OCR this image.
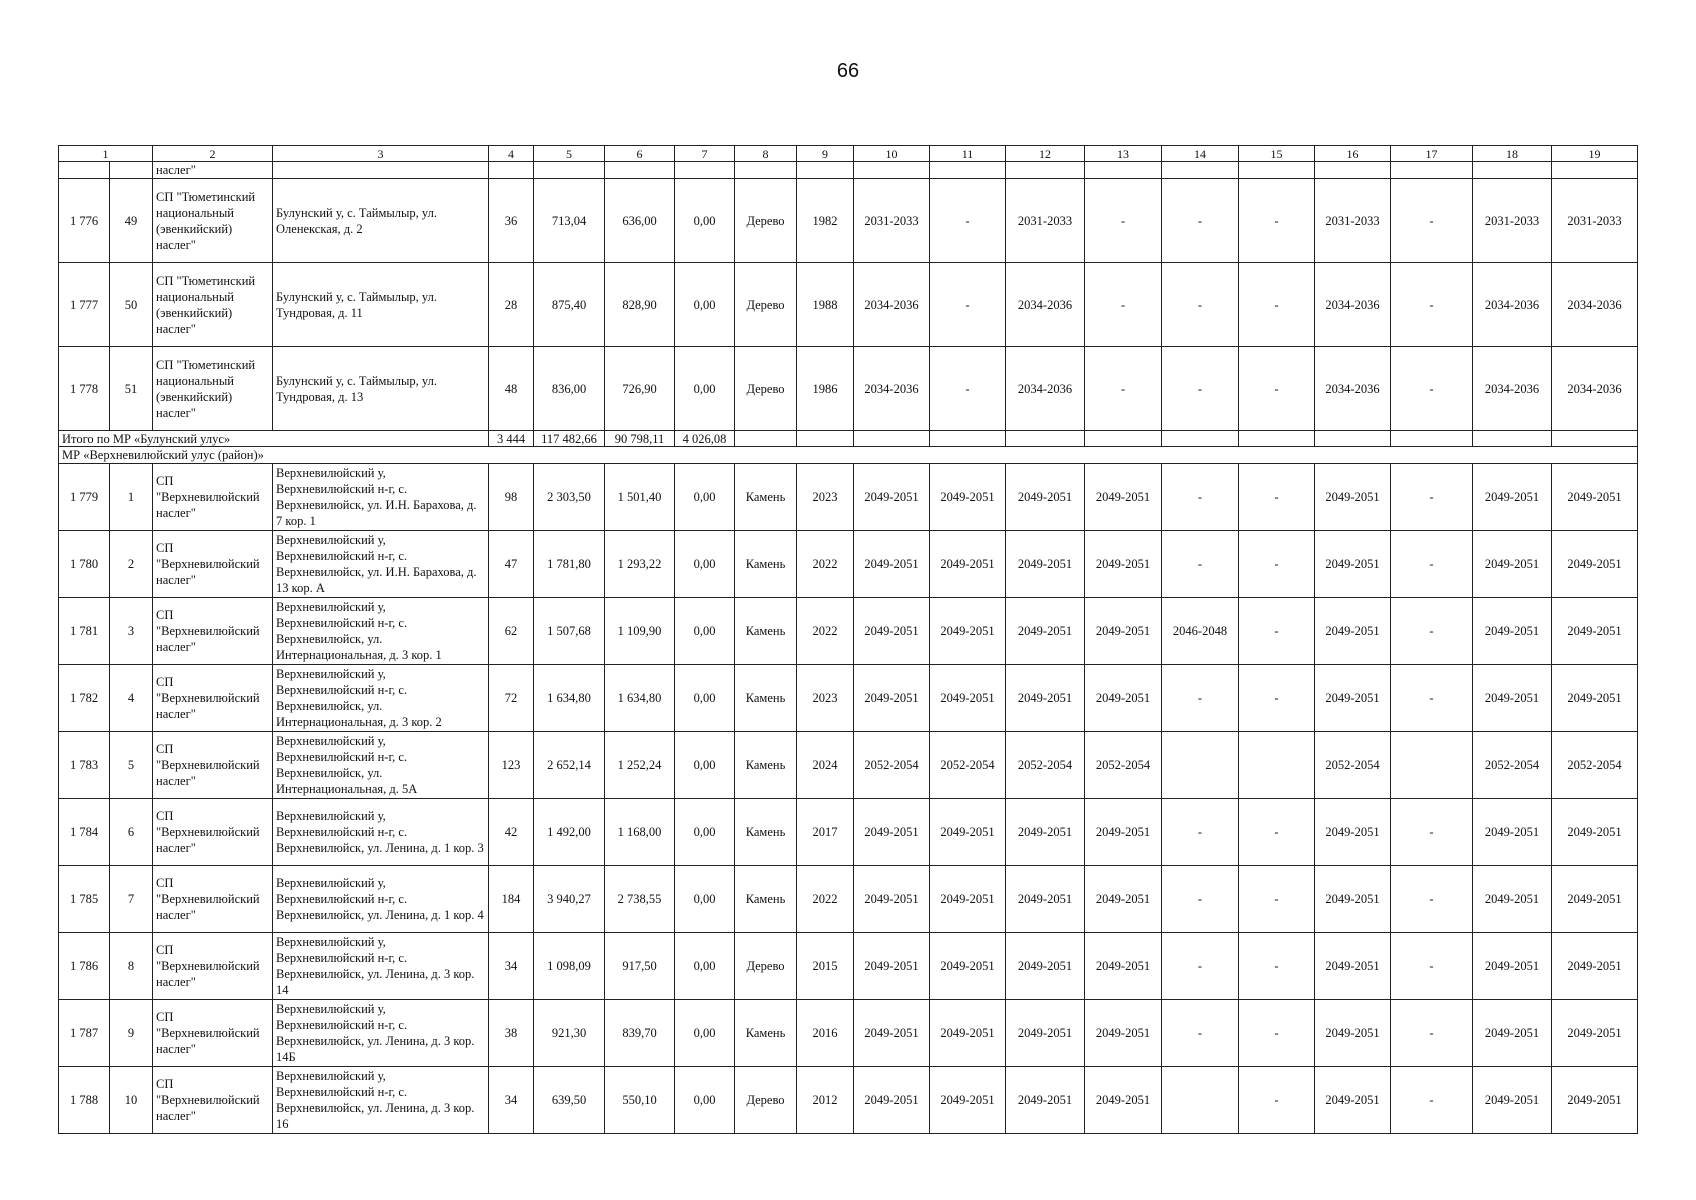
66
1		2	3	4	5	6	7	8	9	10	11	12	13	14	15	16	17	18	19
		наслег"																	
1 776	49	СП "Тюметинский национальный (эвенкийский) наслег"	Булунский у, с. Таймылыр, ул. Оленекская, д. 2	36	713,04	636,00	0,00	Дерево	1982	2031-2033	-	2031-2033	-	-	-	2031-2033	-	2031-2033	2031-2033
1 777	50	СП "Тюметинский национальный (эвенкийский) наслег"	Булунский у, с. Таймылыр, ул. Тундровая, д. 11	28	875,40	828,90	0,00	Дерево	1988	2034-2036	-	2034-2036	-	-	-	2034-2036	-	2034-2036	2034-2036
1 778	51	СП "Тюметинский национальный (эвенкийский) наслег"	Булунский у, с. Таймылыр, ул. Тундровая, д. 13	48	836,00	726,90	0,00	Дерево	1986	2034-2036	-	2034-2036	-	-	-	2034-2036	-	2034-2036	2034-2036
Итого по МР «Булунский улус»				3 444	117 482,66	90 798,11	4 026,08												
МР «Верхневилюйский улус (район)»																			
1 779	1	СП "Верхневилюйский наслег"	Верхневилюйский у, Верхневилюйский н-г, с. Верхневилюйск, ул. И.Н. Барахова, д. 7 кор. 1	98	2 303,50	1 501,40	0,00	Камень	2023	2049-2051	2049-2051	2049-2051	2049-2051	-	-	2049-2051	-	2049-2051	2049-2051
1 780	2	СП "Верхневилюйский наслег"	Верхневилюйский у, Верхневилюйский н-г, с. Верхневилюйск, ул. И.Н. Барахова, д. 13 кор. А	47	1 781,80	1 293,22	0,00	Камень	2022	2049-2051	2049-2051	2049-2051	2049-2051	-	-	2049-2051	-	2049-2051	2049-2051
1 781	3	СП "Верхневилюйский наслег"	Верхневилюйский у, Верхневилюйский н-г, с. Верхневилюйск, ул. Интернациональная, д. 3 кор. 1	62	1 507,68	1 109,90	0,00	Камень	2022	2049-2051	2049-2051	2049-2051	2049-2051	2046-2048	-	2049-2051	-	2049-2051	2049-2051
1 782	4	СП "Верхневилюйский наслег"	Верхневилюйский у, Верхневилюйский н-г, с. Верхневилюйск, ул. Интернациональная, д. 3 кор. 2	72	1 634,80	1 634,80	0,00	Камень	2023	2049-2051	2049-2051	2049-2051	2049-2051	-	-	2049-2051	-	2049-2051	2049-2051
1 783	5	СП "Верхневилюйский наслег"	Верхневилюйский у, Верхневилюйский н-г, с. Верхневилюйск, ул. Интернациональная, д. 5А	123	2 652,14	1 252,24	0,00	Камень	2024	2052-2054	2052-2054	2052-2054	2052-2054			2052-2054		2052-2054	2052-2054
1 784	6	СП "Верхневилюйский наслег"	Верхневилюйский у, Верхневилюйский н-г, с. Верхневилюйск, ул. Ленина, д. 1 кор. 3	42	1 492,00	1 168,00	0,00	Камень	2017	2049-2051	2049-2051	2049-2051	2049-2051	-	-	2049-2051	-	2049-2051	2049-2051
1 785	7	СП "Верхневилюйский наслег"	Верхневилюйский у, Верхневилюйский н-г, с. Верхневилюйск, ул. Ленина, д. 1 кор. 4	184	3 940,27	2 738,55	0,00	Камень	2022	2049-2051	2049-2051	2049-2051	2049-2051	-	-	2049-2051	-	2049-2051	2049-2051
1 786	8	СП "Верхневилюйский наслег"	Верхневилюйский у, Верхневилюйский н-г, с. Верхневилюйск, ул. Ленина, д. 3 кор. 14	34	1 098,09	917,50	0,00	Дерево	2015	2049-2051	2049-2051	2049-2051	2049-2051	-	-	2049-2051	-	2049-2051	2049-2051
1 787	9	СП "Верхневилюйский наслег"	Верхневилюйский у, Верхневилюйский н-г, с. Верхневилюйск, ул. Ленина, д. 3 кор. 14Б	38	921,30	839,70	0,00	Камень	2016	2049-2051	2049-2051	2049-2051	2049-2051	-	-	2049-2051	-	2049-2051	2049-2051
1 788	10	СП "Верхневилюйский наслег"	Верхневилюйский у, Верхневилюйский н-г, с. Верхневилюйск, ул. Ленина, д. 3 кор. 16	34	639,50	550,10	0,00	Дерево	2012	2049-2051	2049-2051	2049-2051	2049-2051		-	2049-2051	-	2049-2051	2049-2051
